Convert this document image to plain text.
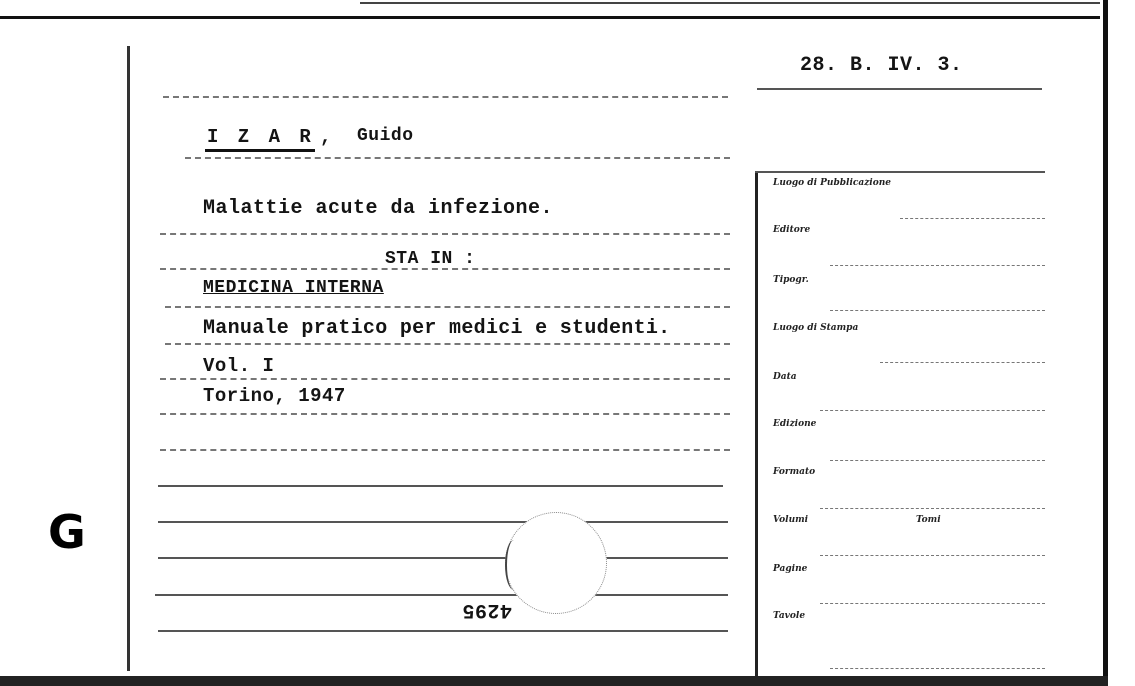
G
28. B. IV. 3.
I Z A R , Guido
Malattie acute da infezione.
STA IN :
MEDICINA INTERNA
Manuale pratico per medici e studenti.
Vol. I
Torino, 1947
4295
Luogo di Pubblicazione
Editore
Tipogr.
Luogo di Stampa
Data
Edizione
Formato
Volumi	Tomi
Pagine
Tavole
